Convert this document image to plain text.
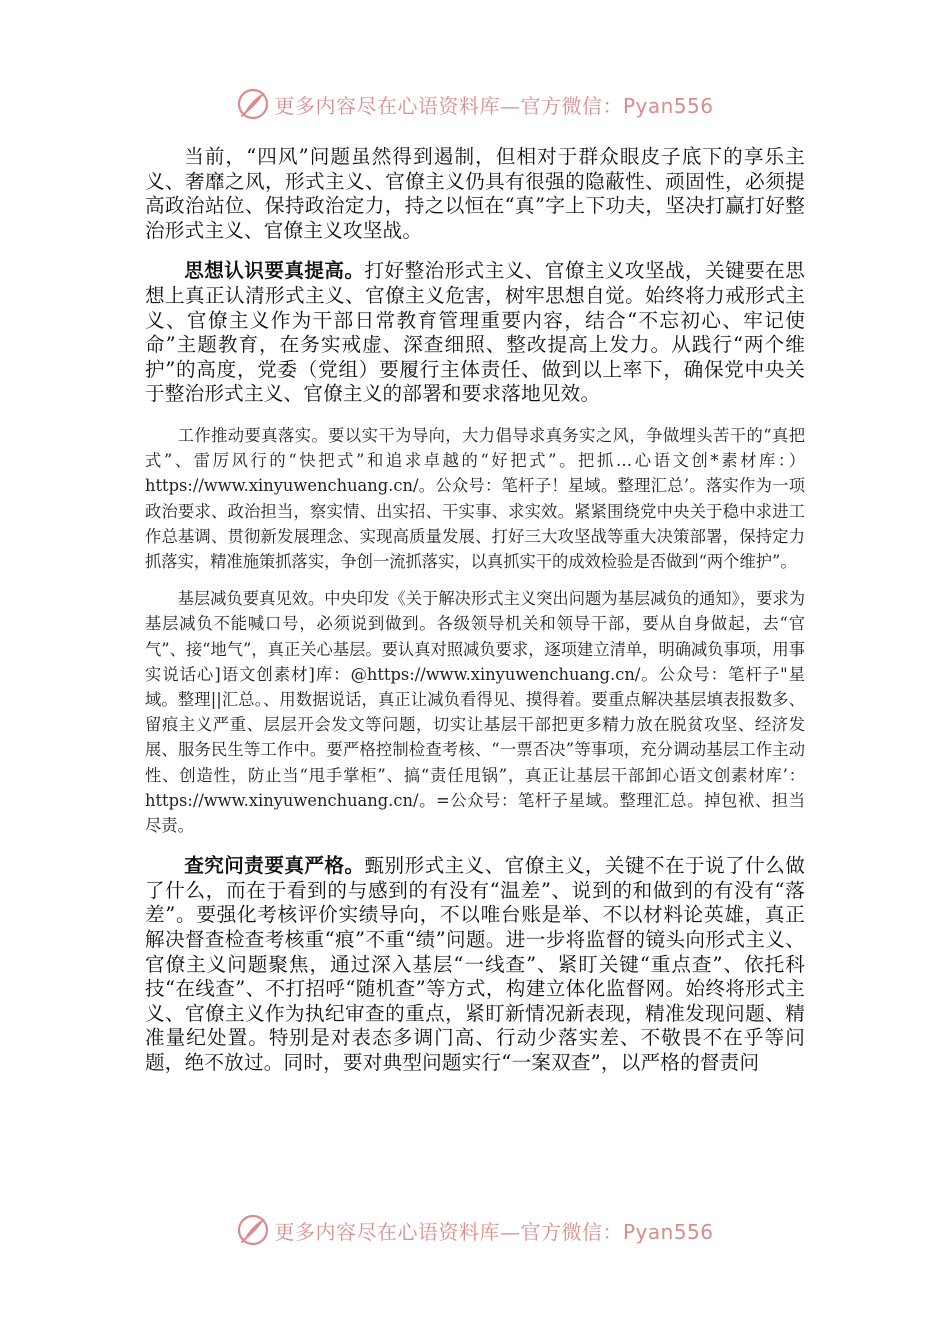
更多内容尽在心语资料库—官方微信：Pyan556

当前，“四风”问题虽然得到遏制，但相对于群众眼皮子底下的享乐主义、奢靡之风，形式主义、官僚主义仍具有很强的隐蔽性、顽固性，必须提高政治站位、保持政治定力，持之以恒在“真”字上下功夫，坚决打赢打好整治形式主义、官僚主义攻坚战。

思想认识要真提高。打好整治形式主义、官僚主义攻坚战，关键要在思想上真正认清形式主义、官僚主义危害，树牢思想自觉。始终将力戒形式主义、官僚主义作为干部日常教育管理重要内容，结合“不忘初心、牢记使命”主题教育，在务实戒虚、深查细照、整改提高上发力。从践行“两个维护”的高度，党委（党组）要履行主体责任、做到以上率下，确保党中央关于整治形式主义、官僚主义的部署和要求落地见效。

工作推动要真落实。要以实干为导向，大力倡导求真务实之风，争做埋头苦干的“真把式”、雷厉风行的“快把式”和追求卓越的“好把式”。把抓…心语文创*素材库：）https://www.xinyuwenchuang.cn/。公众号：笔杆子！星域。整理汇总’。落实作为一项政治要求、政治担当，察实情、出实招、干实事、求实效。紧紧围绕党中央关于稳中求进工作总基调、贯彻新发展理念、实现高质量发展、打好三大攻坚战等重大决策部署，保持定力抓落实，精准施策抓落实，争创一流抓落实，以真抓实干的成效检验是否做到“两个维护”。

基层减负要真见效。中央印发《关于解决形式主义突出问题为基层减负的通知》，要求为基层减负不能喊口号，必须说到做到。各级领导机关和领导干部，要从自身做起，去“官气”、接“地气”，真正关心基层。要认真对照减负要求，逐项建立清单，明确减负事项，用事实说话心]语文创素材]库：@https://www.xinyuwenchuang.cn/。公众号：笔杆子"星域。整理||汇总。、用数据说话，真正让减负看得见、摸得着。要重点解决基层填表报数多、留痕主义严重、层层开会发文等问题，切实让基层干部把更多精力放在脱贫攻坚、经济发展、服务民生等工作中。要严格控制检查考核、“一票否决”等事项，充分调动基层工作主动性、创造性，防止当“甩手掌柜”、搞“责任甩锅”，真正让基层干部卸心语文创素材库’：https://www.xinyuwenchuang.cn/。=公众号：笔杆子星域。整理汇总。掉包袱、担当尽责。

查究问责要真严格。甄别形式主义、官僚主义，关键不在于说了什么做了什么，而在于看到的与感到的有没有“温差”、说到的和做到的有没有“落差”。要强化考核评价实绩导向，不以唯台账是举、不以材料论英雄，真正解决督查检查考核重“痕”不重“绩”问题。进一步将监督的镜头向形式主义、官僚主义问题聚焦，通过深入基层“一线查”、紧盯关键“重点查”、依托科技“在线查”、不打招呼“随机查”等方式，构建立体化监督网。始终将形式主义、官僚主义作为执纪审查的重点，紧盯新情况新表现，精准发现问题、精准量纪处置。特别是对表态多调门高、行动少落实差、不敬畏不在乎等问题，绝不放过。同时，要对典型问题实行“一案双查”，以严格的督责问

更多内容尽在心语资料库—官方微信：Pyan556
